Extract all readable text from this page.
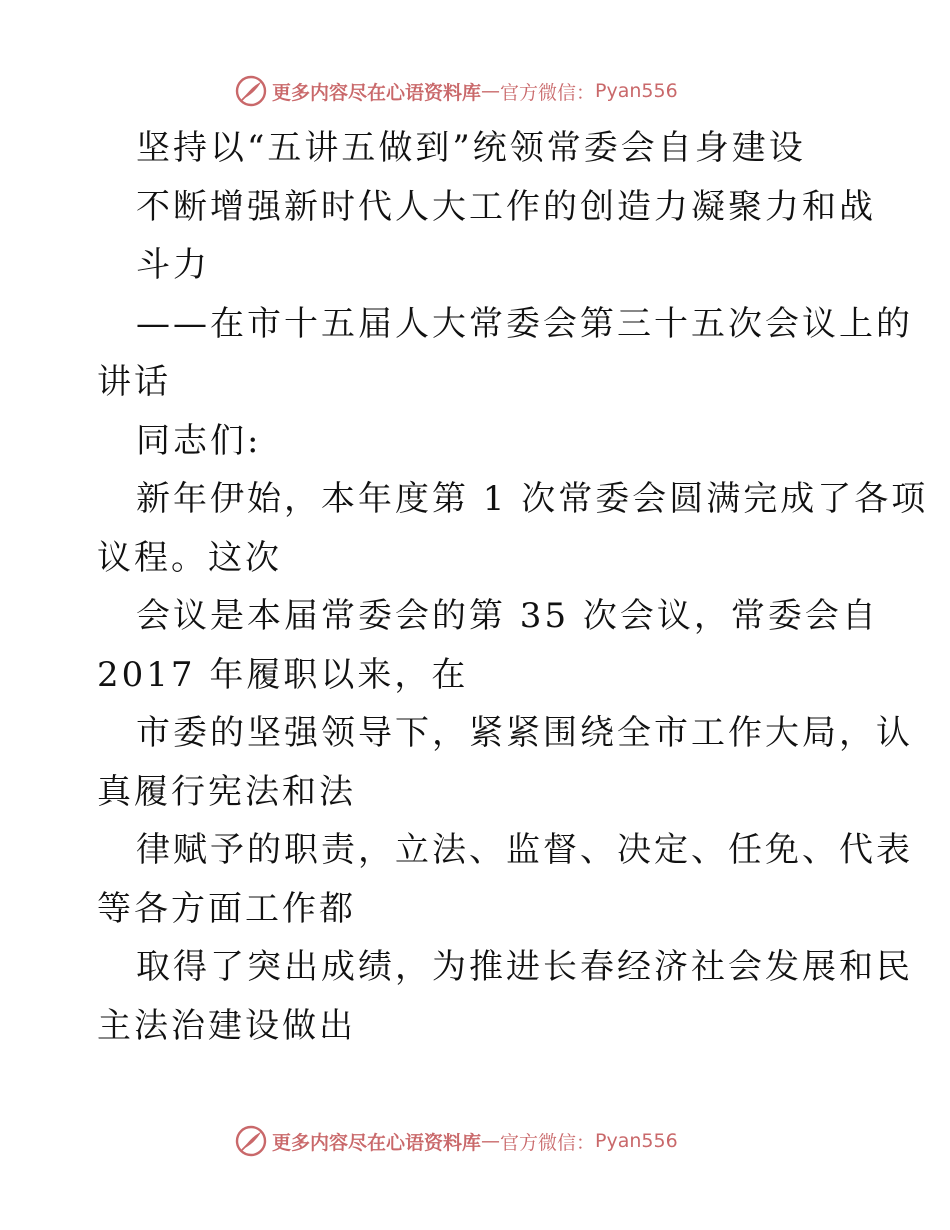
更多内容尽在心语资料库 — 官方微信： Pyan556
坚持以“五讲五做到”统领常委会自身建设
不断增强新时代人大工作的创造力凝聚力和战
斗力
——在市十五届人大常委会第三十五次会议上的
讲话
同志们:
新年伊始，本年度第 1 次常委会圆满完成了各项
议程。这次
会议是本届常委会的第 35 次会议，常委会自
2017 年履职以来，在
市委的坚强领导下，紧紧围绕全市工作大局，认
真履行宪法和法
律赋予的职责，立法、监督、决定、任免、代表
等各方面工作都
取得了突出成绩，为推进长春经济社会发展和民
主法治建设做出
更多内容尽在心语资料库 — 官方微信： Pyan556
